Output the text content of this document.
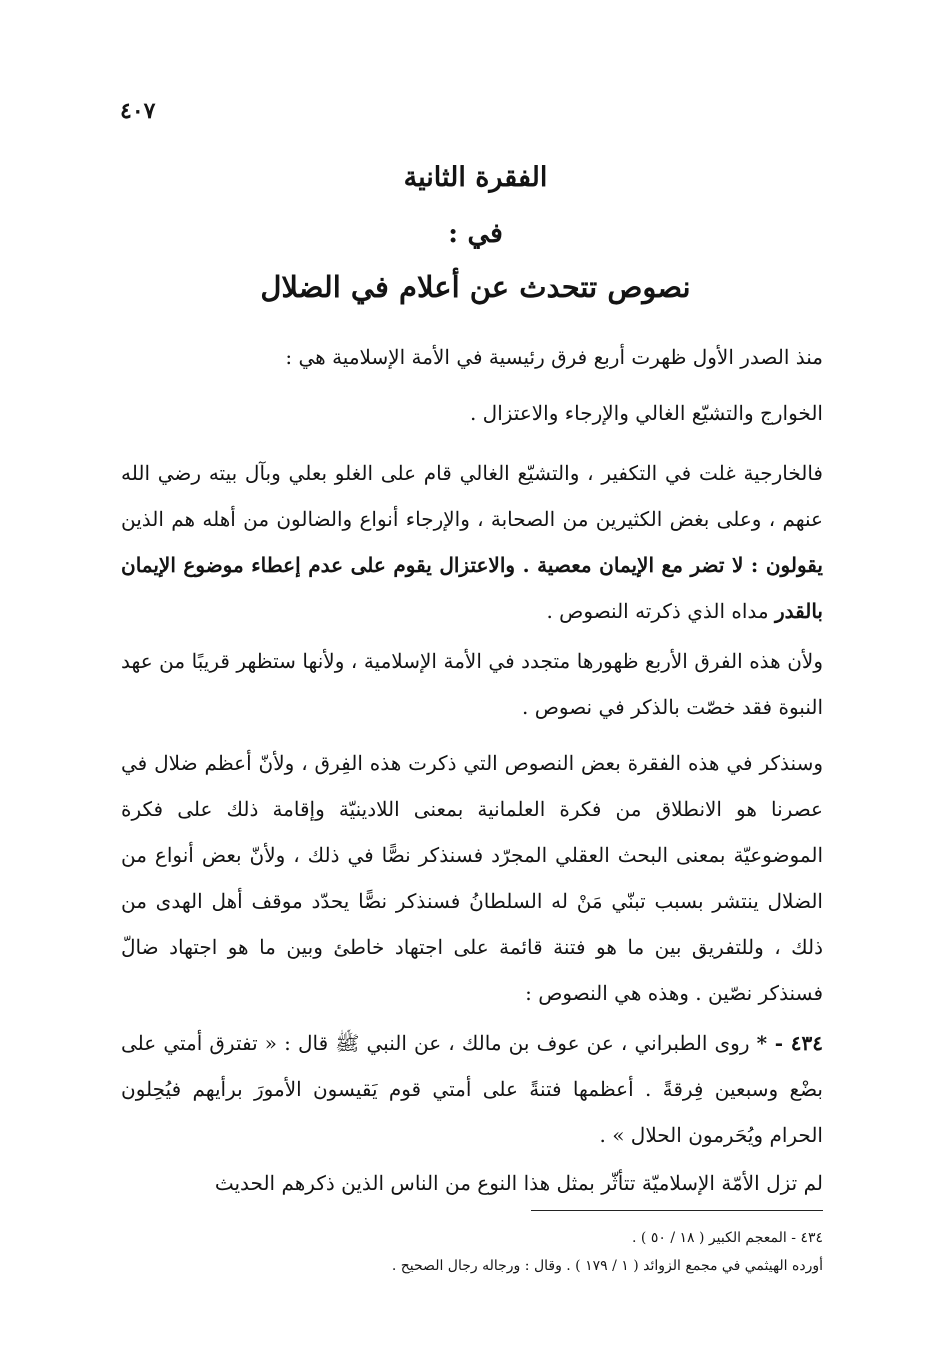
٤٠٧
الفقرة الثانية
في :
نصوص تتحدث عن أعلام في الضلال
منذ الصدر الأول ظهرت أربع فرق رئيسية في الأمة الإسلامية هي :
الخوارج والتشيّع الغالي والإرجاء والاعتزال .
فالخارجية غلت في التكفير ، والتشيّع الغالي قام على الغلو بعلي وبآل بيته رضي الله عنهم ، وعلى بغض الكثيرين من الصحابة ، والإرجاء أنواع والضالون من أهله هم الذين يقولون : لا تضر مع الإيمان معصية . والاعتزال يقوم على عدم إعطاء موضوع الإيمان بالقدر مداه الذي ذكرته النصوص .
ولأن هذه الفرق الأربع ظهورها متجدد في الأمة الإسلامية ، ولأنها ستظهر قريبًا من عهد النبوة فقد خصّت بالذكر في نصوص .
وسنذكر في هذه الفقرة بعض النصوص التي ذكرت هذه الفِرق ، ولأنّ أعظم ضلال في عصرنا هو الانطلاق من فكرة العلمانية بمعنى اللادينيّة وإقامة ذلك على فكرة الموضوعيّة بمعنى البحث العقلي المجرّد فسنذكر نصًّا في ذلك ، ولأنّ بعض أنواع من الضلال ينتشر بسبب تبنّي مَنْ له السلطانُ فسنذكر نصًّا يحدّد موقف أهل الهدى من ذلك ، وللتفريق بين ما هو فتنة قائمة على اجتهاد خاطئ وبين ما هو اجتهاد ضالّ فسنذكر نصّين . وهذه هي النصوص :
٤٣٤ - * روى الطبراني ، عن عوف بن مالك ، عن النبي ﷺ قال : « تفترق أمتي على بضْع وسبعين فِرقةً . أعظمها فتنةً على أمتي قوم يَقيسون الأمورَ برأيهم فيُحِلون الحرام ويُحَرمون الحلال » .
لم تزل الأمّة الإسلاميّة تتأثّر بمثل هذا النوع من الناس الذين ذكرهم الحديث
٤٣٤ - المعجم الكبير ( ١٨ / ٥٠ ) .
أورده الهيثمي في مجمع الزوائد ( ١ / ١٧٩ ) . وقال : ورجاله رجال الصحيح .
